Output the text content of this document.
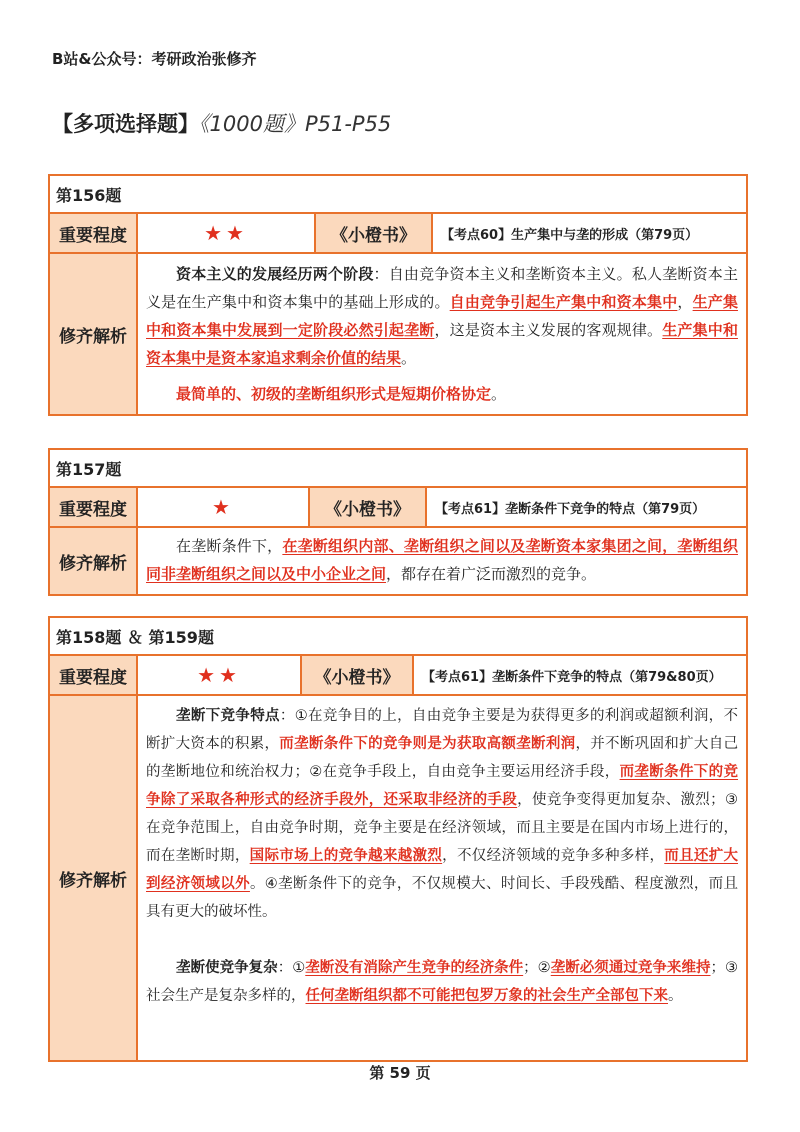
B站&公众号：考研政治张修齐
【多项选择题】《1000题》P51-P55
第156题
重要程度	★★	《小橙书》	【考点60】生产集中与垄的形成（第79页）
修齐解析

资本主义的发展经历两个阶段：自由竞争资本主义和垄断资本主义。私人垄断资本主义是在生产集中和资本集中的基础上形成的。自由竞争引起生产集中和资本集中，生产集中和资本集中发展到一定阶段必然引起垄断，这是资本主义发展的客观规律。生产集中和资本集中是资本家追求剩余价值的结果。

最简单的、初级的垄断组织形式是短期价格协定。

第157题
重要程度	★	《小橙书》	【考点61】垄断条件下竞争的特点（第79页）
修齐解析

在垄断条件下，在垄断组织内部、垄断组织之间以及垄断资本家集团之间，垄断组织同非垄断组织之间以及中小企业之间，都存在着广泛而激烈的竞争。

第158题 ＆ 第159题
重要程度	★★	《小橙书》	【考点61】垄断条件下竞争的特点（第79&80页）
修齐解析

垄断下竞争特点：①在竞争目的上，自由竞争主要是为获得更多的利润或超额利润，不断扩大资本的积累，而垄断条件下的竞争则是为获取高额垄断利润，并不断巩固和扩大自己的垄断地位和统治权力；②在竞争手段上，自由竞争主要运用经济手段，而垄断条件下的竞争除了采取各种形式的经济手段外，还采取非经济的手段，使竞争变得更加复杂、激烈；③在竞争范围上，自由竞争时期，竞争主要是在经济领域，而且主要是在国内市场上进行的，而在垄断时期，国际市场上的竞争越来越激烈，不仅经济领域的竞争多种多样，而且还扩大到经济领域以外。④垄断条件下的竞争，不仅规模大、时间长、手段残酷、程度激烈，而且具有更大的破坏性。

垄断使竞争复杂：①垄断没有消除产生竞争的经济条件；②垄断必须通过竞争来维持；③社会生产是复杂多样的，任何垄断组织都不可能把包罗万象的社会生产全部包下来。

第 59 页
